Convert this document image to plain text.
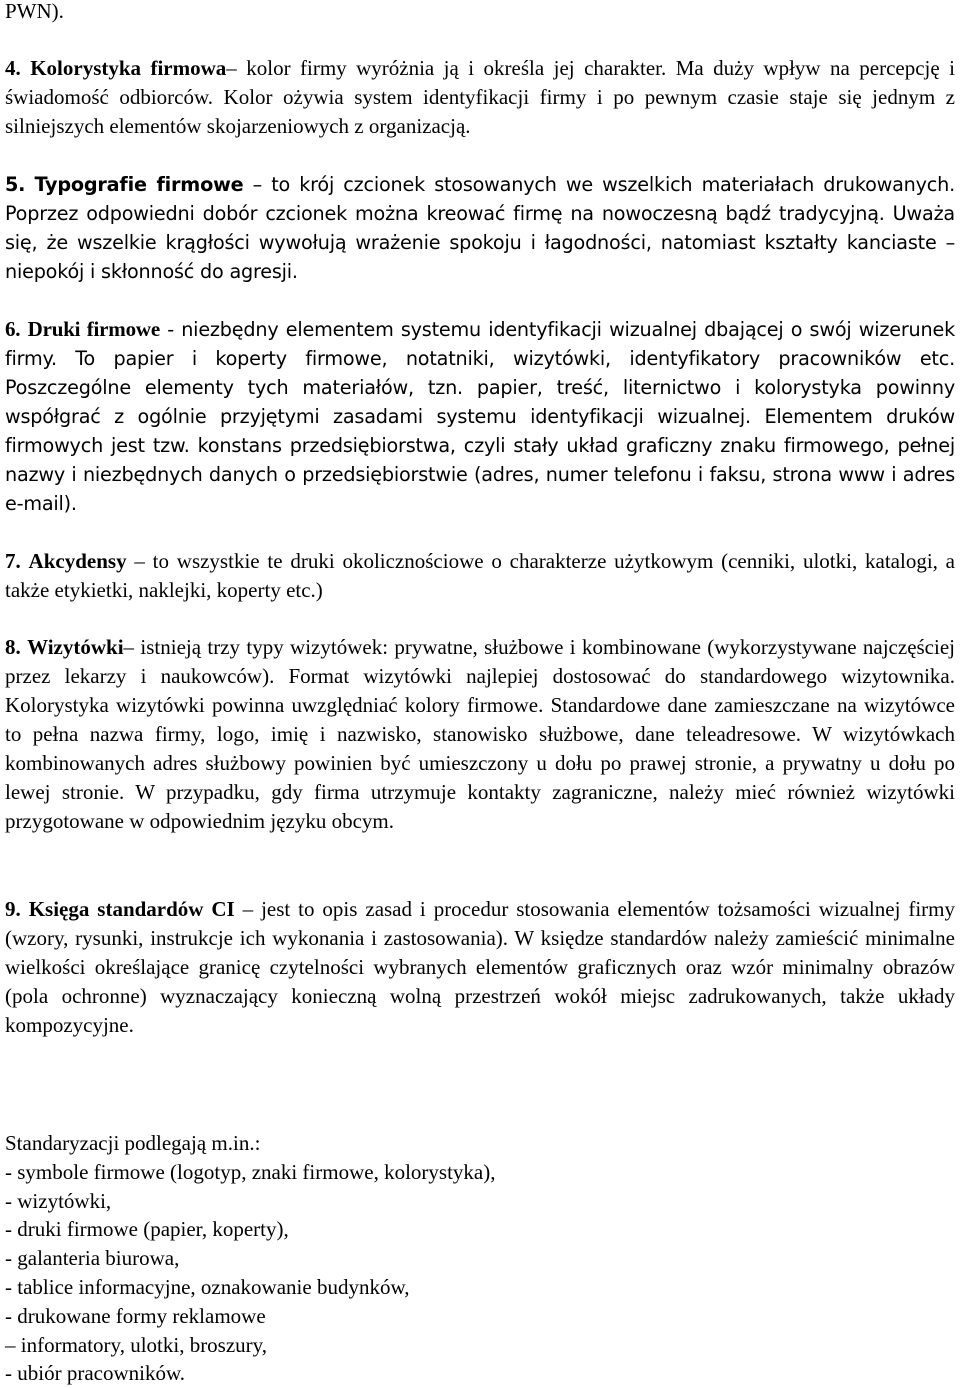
PWN).

4. Kolorystyka firmowa– kolor firmy wyróżnia ją i określa jej charakter. Ma duży wpływ na percepcję i świadomość odbiorców. Kolor ożywia system identyfikacji firmy i po pewnym czasie staje się jednym z silniejszych elementów skojarzeniowych z organizacją.

5. Typografie firmowe – to krój czcionek stosowanych we wszelkich materiałach drukowanych. Poprzez odpowiedni dobór czcionek można kreować firmę na nowoczesną bądź tradycyjną. Uważa się, że wszelkie krągłości wywołują wrażenie spokoju i łagodności, natomiast kształty kanciaste – niepokój i skłonność do agresji.

6. Druki firmowe - niezbędny elementem systemu identyfikacji wizualnej dbającej o swój wizerunek firmy. To papier i koperty firmowe, notatniki, wizytówki, identyfikatory pracowników etc. Poszczególne elementy tych materiałów, tzn. papier, treść, liternictwo i kolorystyka powinny współgrać z ogólnie przyjętymi zasadami systemu identyfikacji wizualnej. Elementem druków firmowych jest tzw. konstans przedsiębiorstwa, czyli stały układ graficzny znaku firmowego, pełnej nazwy i niezbędnych danych o przedsiębiorstwie (adres, numer telefonu i faksu, strona www i adres e-mail).

7. Akcydensy – to wszystkie te druki okolicznościowe o charakterze użytkowym (cenniki, ulotki, katalogi, a także etykietki, naklejki, koperty etc.)

8. Wizytówki– istnieją trzy typy wizytówek: prywatne, służbowe i kombinowane (wykorzystywane najczęściej przez lekarzy i naukowców). Format wizytówki najlepiej dostosować do standardowego wizytownika. Kolorystyka wizytówki powinna uwzględniać kolory firmowe. Standardowe dane zamieszczane na wizytówce to pełna nazwa firmy, logo, imię i nazwisko, stanowisko służbowe, dane teleadresowe. W wizytówkach kombinowanych adres służbowy powinien być umieszczony u dołu po prawej stronie, a prywatny u dołu po lewej stronie. W przypadku, gdy firma utrzymuje kontakty zagraniczne, należy mieć również wizytówki przygotowane w odpowiednim języku obcym.

9. Księga standardów CI – jest to opis zasad i procedur stosowania elementów tożsamości wizualnej firmy (wzory, rysunki, instrukcje ich wykonania i zastosowania). W księdze standardów należy zamieścić minimalne wielkości określające granicę czytelności wybranych elementów graficznych oraz wzór minimalny obrazów (pola ochronne) wyznaczający konieczną wolną przestrzeń wokół miejsc zadrukowanych, także układy kompozycyjne.

Standaryzacji podlegają m.in.:
- symbole firmowe (logotyp, znaki firmowe, kolorystyka),
- wizytówki,
- druki firmowe (papier, koperty),
- galanteria biurowa,
- tablice informacyjne, oznakowanie budynków,
- drukowane formy reklamowe
– informatory, ulotki, broszury,
- ubiór pracowników.
